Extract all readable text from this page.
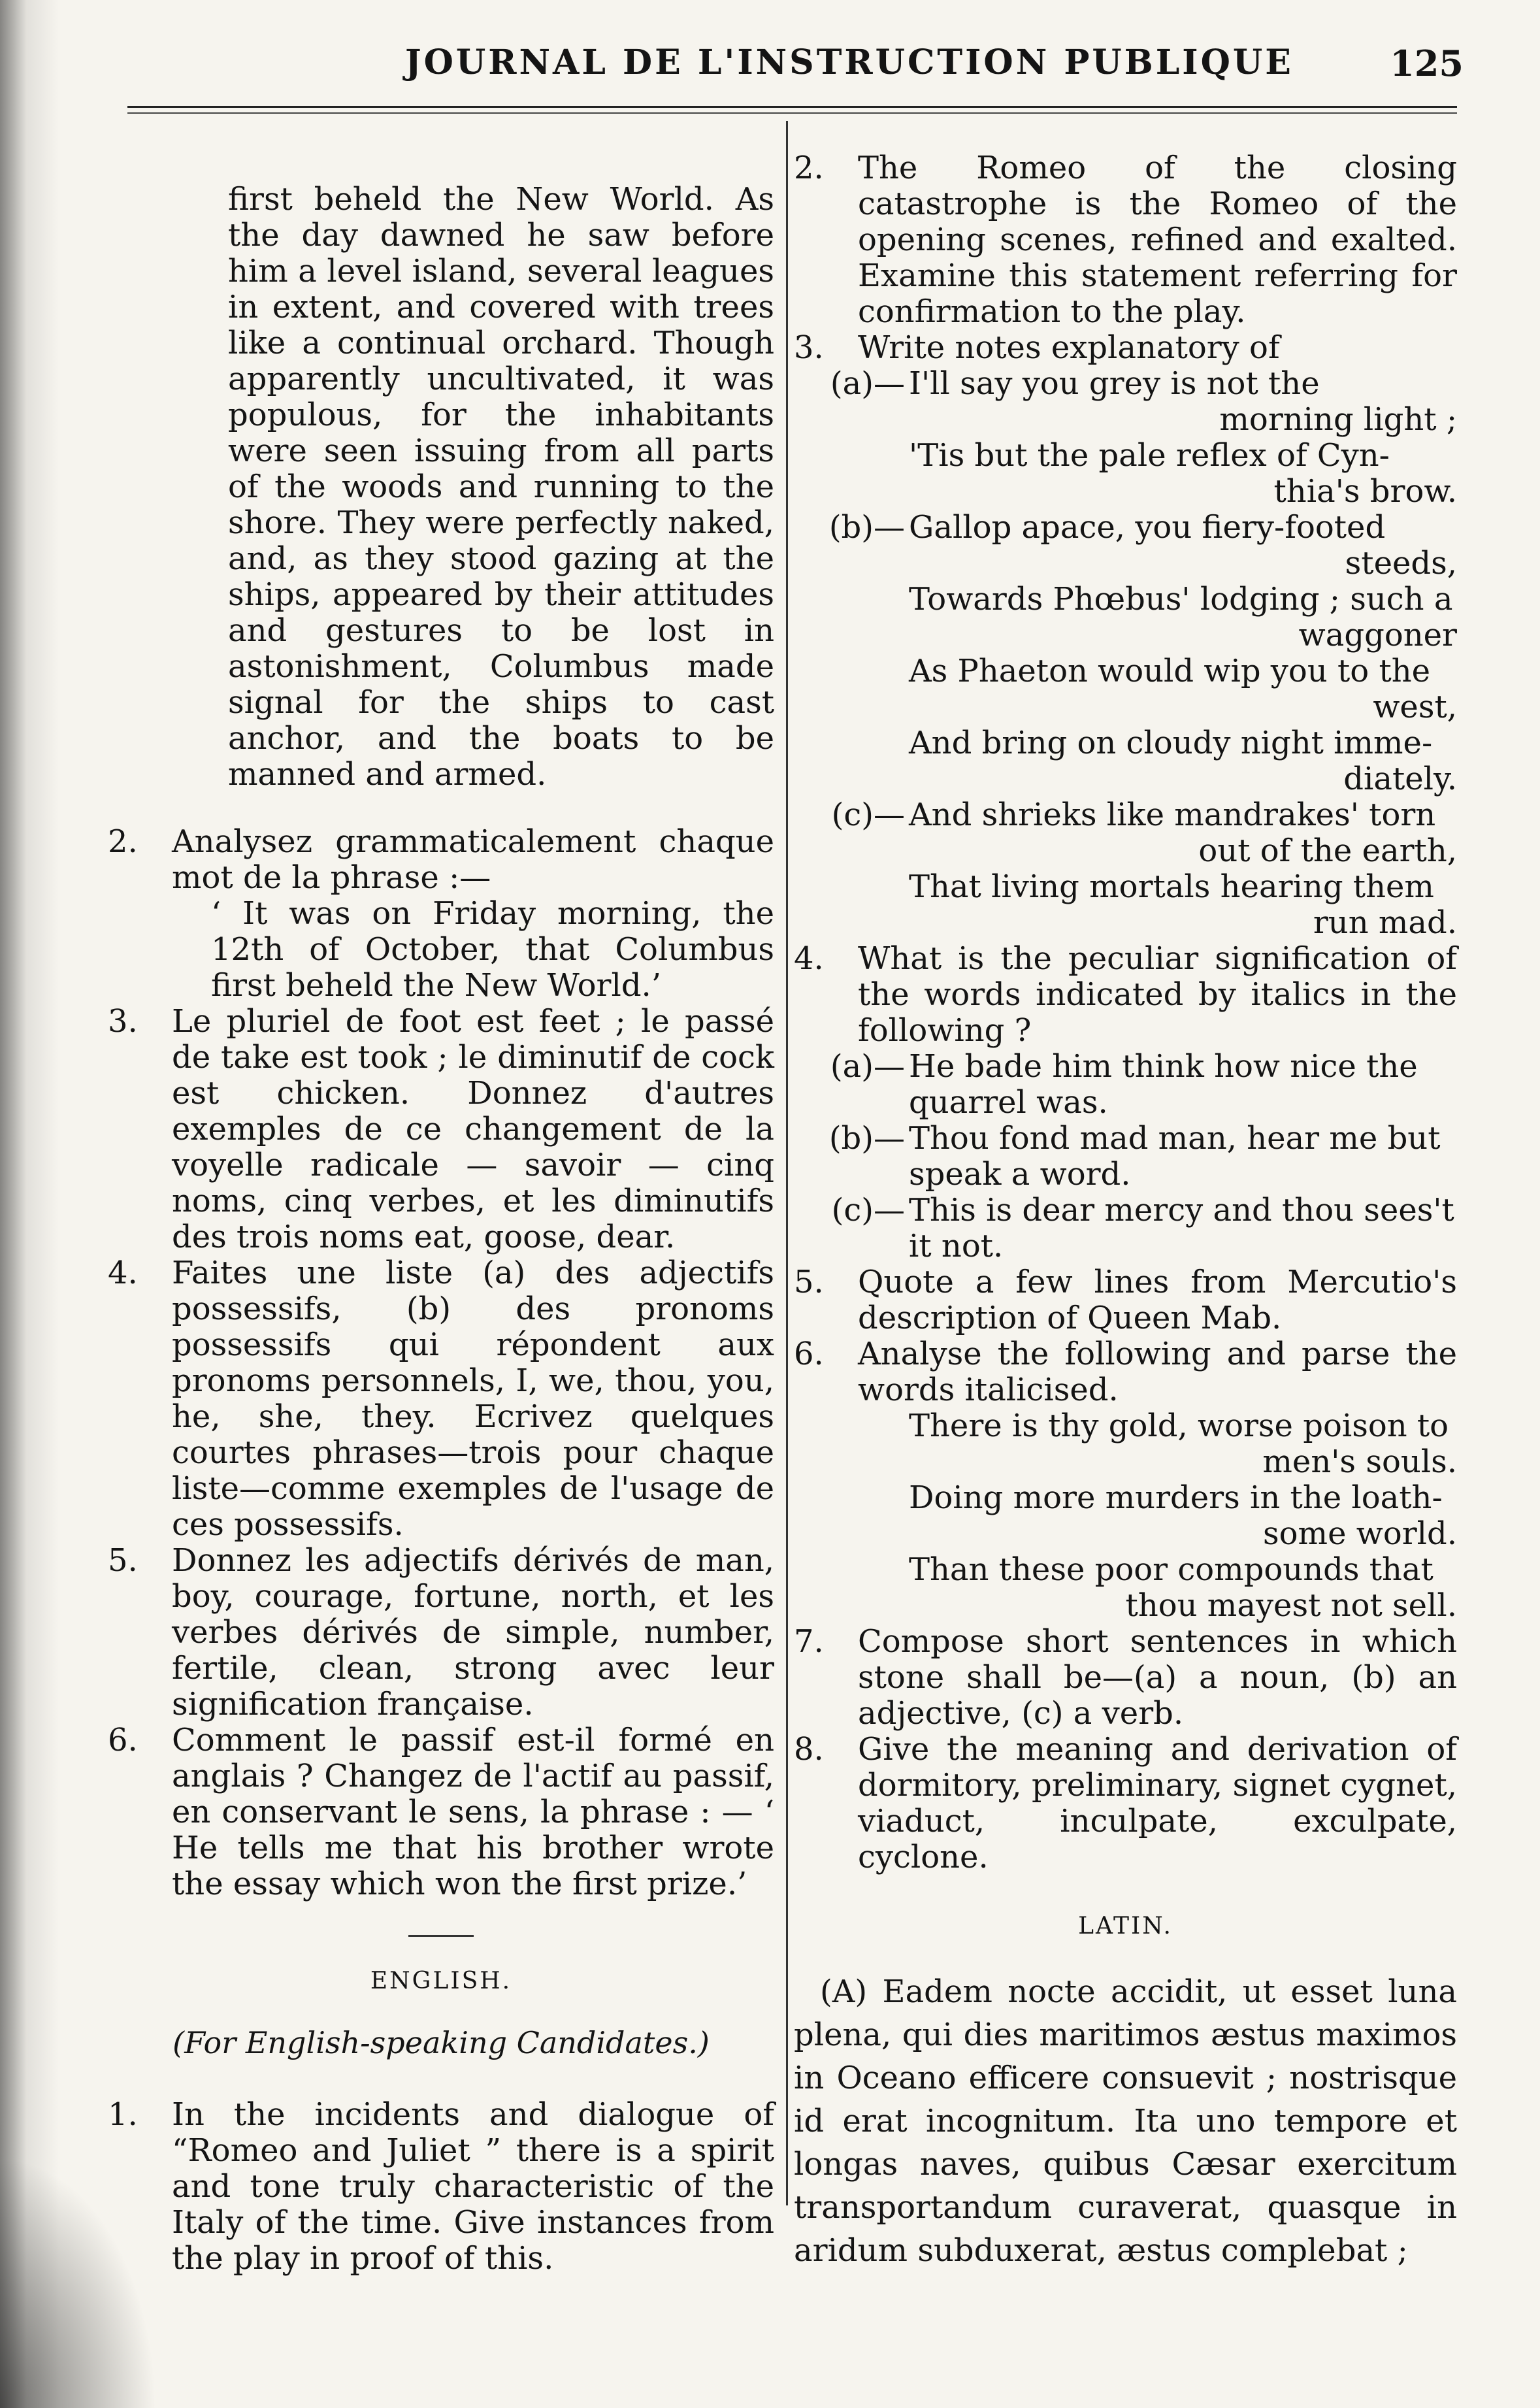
JOURNAL DE L'INSTRUCTION PUBLIQUE	125

first beheld the New World. As the day dawned he saw before him a level island, several leagues in extent, and covered with trees like a continual orchard. Though apparently uncultivated, it was populous, for the inhabitants were seen issuing from all parts of the woods and running to the shore. They were perfectly naked, and, as they stood gazing at the ships, appeared by their attitudes and gestures to be lost in astonishment, Columbus made signal for the ships to cast anchor, and the boats to be manned and armed.

2.	Analysez grammaticalement chaque mot de la phrase :—
‘ It was on Friday morning, the 12th of October, that Columbus first beheld the New World.’
3.	Le pluriel de foot est feet ; le passé de take est took ; le diminutif de cock est chicken. Donnez d'autres exemples de ce changement de la voyelle radicale — savoir — cinq noms, cinq verbes, et les diminutifs des trois noms eat, goose, dear.
4.	Faites une liste (a) des adjectifs possessifs, (b) des pronoms possessifs qui répondent aux pronoms personnels, I, we, thou, you, he, she, they. Ecrivez quelques courtes phrases—trois pour chaque liste—comme exemples de l'usage de ces possessifs.
5.	Donnez les adjectifs dérivés de man, boy, courage, fortune, north, et les verbes dérivés de simple, number, fertile, clean, strong avec leur signification française.
6.	Comment le passif est-il formé en anglais ? Changez de l'actif au passif, en conservant le sens, la phrase : — ‘ He tells me that his brother wrote the essay which won the first prize.’
ENGLISH.
(For English-speaking Candidates.)
1.	In the incidents and dialogue of “Romeo and Juliet ” there is a spirit and tone truly characteristic of the Italy of the time. Give instances from the play in proof of this.
2.	The Romeo of the closing catastrophe is the Romeo of the opening scenes, refined and exalted. Examine this statement referring for confirmation to the play.
3.	Write notes explanatory of
(a)— I'll say you grey is not the
morning light ;
'Tis but the pale reflex of Cyn-
thia's brow.
(b)— Gallop apace, you fiery-footed
steeds,
Towards Phœbus' lodging ; such a
waggoner
As Phaeton would wip you to the
west,
And bring on cloudy night imme-
diately.
(c)— And shrieks like mandrakes' torn
out of the earth,
That living mortals hearing them
run mad.
4.	What is the peculiar signification of the words indicated by italics in the following ?
(a)— He bade him think how nice the quarrel was.
(b)— Thou fond mad man, hear me but speak a word.
(c)— This is dear mercy and thou sees't it not.
5.	Quote a few lines from Mercutio's description of Queen Mab.
6.	Analyse the following and parse the words italicised.
There is thy gold, worse poison to
men's souls.
Doing more murders in the loath-
some world.
Than these poor compounds that
thou mayest not sell.
7.	Compose short sentences in which stone shall be—(a) a noun, (b) an adjective, (c) a verb.
8.	Give the meaning and derivation of dormitory, preliminary, signet cygnet, viaduct, inculpate, exculpate, cyclone.
LATIN.

(A) Eadem nocte accidit, ut esset luna plena, qui dies maritimos æstus maximos in Oceano efficere consuevit ; nostrisque id erat incognitum. Ita uno tempore et longas naves, quibus Cæsar exercitum transportandum curaverat, quasque in aridum subduxerat, æstus complebat ;
